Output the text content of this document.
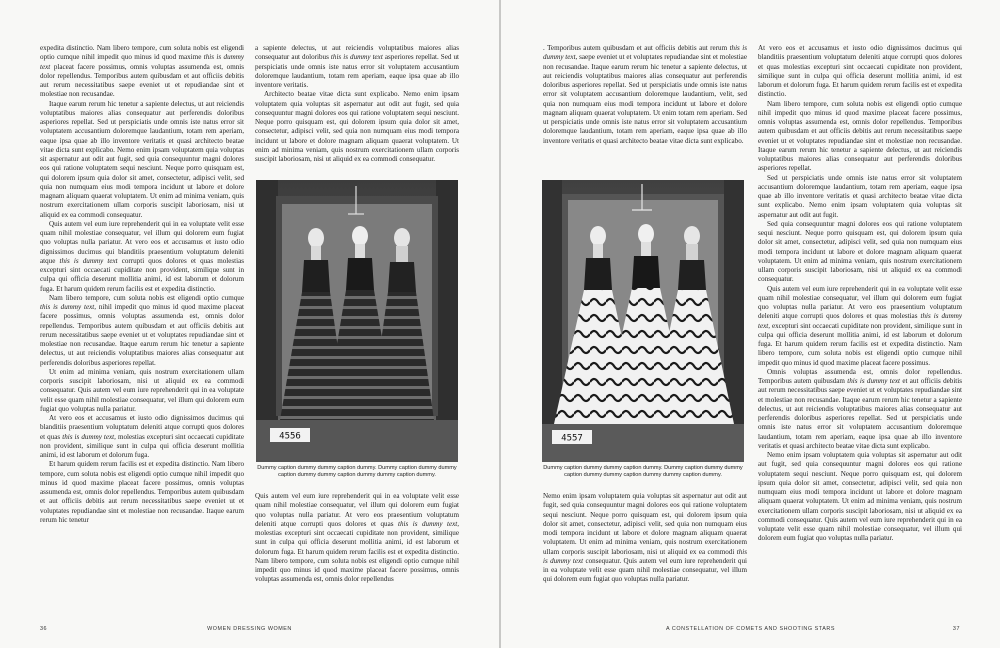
expedita distinctio. Nam libero tempore, cum soluta nobis est eligendi optio cumque nihil impedit quo minus id quod maxime this is dummy text placeat facere possimus, omnis voluptas assumenda est, omnis dolor repellendus. Temporibus autem quibusdam et aut officiis debitis aut rerum necessitatibus saepe eveniet ut et repudiandae sint et molestiae non recusandae.

Itaque earum rerum hic tenetur a sapiente delectus, ut aut reiciendis voluptatibus maiores alias consequatur aut perferendis doloribus asperiores repellat. Sed ut perspiciatis unde omnis iste natus error sit voluptatem accusantium doloremque laudantium, totam rem aperiam, eaque ipsa quae ab illo inventore veritatis et quasi architecto beatae vitae dicta sunt explicabo. Nemo enim ipsam voluptatem quia voluptas sit aspernatur aut odit aut fugit, sed quia consequuntur magni dolores eos qui ratione voluptatem sequi nesciunt. Neque porro quisquam est, qui dolorem ipsum quia dolor sit amet, consectetur, adipisci velit, sed quia non numquam eius modi tempora incidunt ut labore et dolore magnam aliquam quaerat voluptatem. Ut enim ad minima veniam, quis nostrum exercitationem ullam corporis suscipit laboriosam, nisi ut aliquid ex ea commodi consequatur.

Quis autem vel eum iure reprehenderit qui in ea voluptate velit esse quam nihil molestiae consequatur, vel illum qui dolorem eum fugiat quo voluptas nulla pariatur. At vero eos et accusamus et iusto odio dignissimos ducimus qui blanditiis praesentium voluptatum deleniti atque this is dummy text corrupti quos dolores et quas molestias excepturi sint occaecati cupiditate non provident, similique sunt in culpa qui officia deserunt mollitia animi, id est laborum et dolorum fuga. Et harum quidem rerum facilis est et expedita distinctio.

Nam libero tempore, cum soluta nobis est eligendi optio cumque this is dummy text, nihil impedit quo minus id quod maxime placeat facere possimus, omnis voluptas assumenda est, omnis dolor repellendus. Temporibus autem quibusdam et aut officiis debitis aut rerum necessitatibus saepe eveniet ut et voluptates repudiandae sint et molestiae non recusandae. Itaque earum rerum hic tenetur a sapiente delectus, ut aut reiciendis voluptatibus maiores alias consequatur aut perferendis doloribus asperiores repellat.

Ut enim ad minima veniam, quis nostrum exercitationem ullam corporis suscipit laboriosam, nisi ut aliquid ex ea commodi consequatur. Quis autem vel eum iure reprehenderit qui in ea voluptate velit esse quam nihil molestiae consequatur, vel illum qui dolorem eum fugiat quo voluptas nulla pariatur.

At vero eos et accusamus et iusto odio dignissimos ducimus qui blanditiis praesentium voluptatum deleniti atque corrupti quos dolores et quas this is dummy text, molestias excepturi sint occaecati cupiditate non provident, similique sunt in culpa qui officia deserunt mollitia animi, id est laborum et dolorum fuga.

Et harum quidem rerum facilis est et expedita distinctio. Nam libero tempore, cum soluta nobis est eligendi optio cumque nihil impedit quo minus id quod maxime placeat facere possimus, omnis voluptas assumenda est, omnis dolor repellendus. Temporibus autem quibusdam et aut officiis debitis aut rerum necessitatibus saepe eveniet ut et voluptates repudiandae sint et molestiae non recusandae. Itaque earum rerum hic tenetur

a sapiente delectus, ut aut reiciendis voluptatibus maiores alias consequatur aut doloribus this is dummy text asperiores repellat. Sed ut perspiciatis unde omnis iste natus error sit voluptatem accusantium doloremque laudantium, totam rem aperiam, eaque ipsa quae ab illo inventore veritatis.

Architecto beatae vitae dicta sunt explicabo. Nemo enim ipsam voluptatem quia voluptas sit aspernatur aut odit aut fugit, sed quia consequuntur magni dolores eos qui ratione voluptatem sequi nesciunt. Neque porro quisquam est, qui dolorem ipsum quia dolor sit amet, consectetur, adipisci velit, sed quia non numquam eius modi tempora incidunt ut labore et dolore magnam aliquam quaerat voluptatem. Ut enim ad minima veniam, quis nostrum exercitationem ullam corporis suscipit laboriosam, nisi ut aliquid ex ea commodi consequatur.

4556
Dummy caption dummy dummy caption dummy. Dummy caption dummy dummy caption dummy dummy caption dummy dummy caption dummy.

Quis autem vel eum iure reprehenderit qui in ea voluptate velit esse quam nihil molestiae consequatur, vel illum qui dolorem eum fugiat quo voluptas nulla pariatur. At vero eos praesentium voluptatum deleniti atque corrupti quos dolores et quas this is dummy text, molestias excepturi sint occaecati cupiditate non provident, similique sunt in culpa qui officia deserunt mollitia animi, id est laborum et dolorum fuga. Et harum quidem rerum facilis est et expedita distinctio. Nam libero tempore, cum soluta nobis est eligendi optio cumque nihil impedit quo minus id quod maxime placeat facere possimus, omnis voluptas assumenda est, omnis dolor repellendus

36	WOMEN DRESSING WOMEN

. Temporibus autem quibusdam et aut officiis debitis aut rerum this is dummy text, saepe eveniet ut et voluptates repudiandae sint et molestiae non recusandae. Itaque earum rerum hic tenetur a sapiente delectus, ut aut reiciendis voluptatibus maiores alias consequatur aut perferendis doloribus asperiores repellat. Sed ut perspiciatis unde omnis iste natus error sit voluptatem accusantium doloremque laudantium, velit, sed quia non numquam eius modi tempora incidunt ut labore et dolore magnam aliquam quaerat voluptatem. Ut enim totam rem aperiam. Sed ut perspiciatis unde omnis iste natus error sit voluptatem accusantium doloremque laudantium, totam rem aperiam, eaque ipsa quae ab illo inventore veritatis et quasi architecto beatae vitae dicta sunt explicabo.

4557
Dummy caption dummy dummy caption dummy. Dummy caption dummy dummy caption dummy dummy caption dummy dummy caption dummy.

Nemo enim ipsam voluptatem quia voluptas sit aspernatur aut odit aut fugit, sed quia consequuntur magni dolores eos qui ratione voluptatem sequi nesciunt. Neque porro quisquam est, qui dolorem ipsum quia dolor sit amet, consectetur, adipisci velit, sed quia non numquam eius modi tempora incidunt ut labore et dolore magnam aliquam quaerat voluptatem. Ut enim ad minima veniam, quis nostrum exercitationem ullam corporis suscipit laboriosam, nisi ut aliquid ex ea commodi this is dummy text consequatur. Quis autem vel eum iure reprehenderit qui in ea voluptate velit esse quam nihil molestiae consequatur, vel illum qui dolorem eum fugiat quo voluptas nulla pariatur.

At vero eos et accusamus et iusto odio dignissimos ducimus qui blanditiis praesentium voluptatum deleniti atque corrupti quos dolores et quas molestias excepturi sint occaecati cupiditate non provident, similique sunt in culpa qui officia deserunt mollitia animi, id est laborum et dolorum fuga. Et harum quidem rerum facilis est et expedita distinctio.

Nam libero tempore, cum soluta nobis est eligendi optio cumque nihil impedit quo minus id quod maxime placeat facere possimus, omnis voluptas assumenda est, omnis dolor repellendus. Temporibus autem quibusdam et aut officiis debitis aut rerum necessitatibus saepe eveniet ut et voluptates repudiandae sint et molestiae non recusandae. Itaque earum rerum hic tenetur a sapiente delectus, ut aut reiciendis voluptatibus maiores alias consequatur aut perferendis doloribus asperiores repellat.

Sed ut perspiciatis unde omnis iste natus error sit voluptatem accusantium doloremque laudantium, totam rem aperiam, eaque ipsa quae ab illo inventore veritatis et quasi architecto beatae vitae dicta sunt explicabo. Nemo enim ipsam voluptatem quia voluptas sit aspernatur aut odit aut fugit.

Sed quia consequuntur magni dolores eos qui ratione voluptatem sequi nesciunt. Neque porro quisquam est, qui dolorem ipsum quia dolor sit amet, consectetur, adipisci velit, sed quia non numquam eius modi tempora incidunt ut labore et dolore magnam aliquam quaerat voluptatem. Ut enim ad minima veniam, quis nostrum exercitationem ullam corporis suscipit laboriosam, nisi ut aliquid ex ea commodi consequatur.

Quis autem vel eum iure reprehenderit qui in ea voluptate velit esse quam nihil molestiae consequatur, vel illum qui dolorem eum fugiat quo voluptas nulla pariatur. At vero eos praesentium voluptatum deleniti atque corrupti quos dolores et quas molestias this is dummy text, excepturi sint occaecati cupiditate non provident, similique sunt in culpa qui officia deserunt mollitia animi, id est laborum et dolorum fuga. Et harum quidem rerum facilis est et expedita distinctio. Nam libero tempore, cum soluta nobis est eligendi optio cumque nihil impedit quo minus id quod maxime placeat facere possimus.

Omnis voluptas assumenda est, omnis dolor repellendus. Temporibus autem quibusdam this is dummy text et aut officiis debitis aut rerum necessitatibus saepe eveniet ut et voluptates repudiandae sint et molestiae non recusandae. Itaque earum rerum hic tenetur a sapiente delectus, ut aut reiciendis voluptatibus maiores alias consequatur aut perferendis doloribus asperiores repellat. Sed ut perspiciatis unde omnis iste natus error sit voluptatem accusantium doloremque laudantium, totam rem aperiam, eaque ipsa quae ab illo inventore veritatis et quasi architecto beatae vitae dicta sunt explicabo.

Nemo enim ipsam voluptatem quia voluptas sit aspernatur aut odit aut fugit, sed quia consequuntur magni dolores eos qui ratione voluptatem sequi nesciunt. Neque porro quisquam est, qui dolorem ipsum quia dolor sit amet, consectetur, adipisci velit, sed quia non numquam eius modi tempora incidunt ut labore et dolore magnam aliquam quaerat voluptatem. Ut enim ad minima veniam, quis nostrum exercitationem ullam corporis suscipit laboriosam, nisi ut aliquid ex ea commodi consequatur. Quis autem vel eum iure reprehenderit qui in ea voluptate velit esse quam nihil molestiae consequatur, vel illum qui dolorem eum fugiat quo voluptas nulla pariatur.

A CONSTELLATION OF COMETS AND SHOOTING STARS	37
